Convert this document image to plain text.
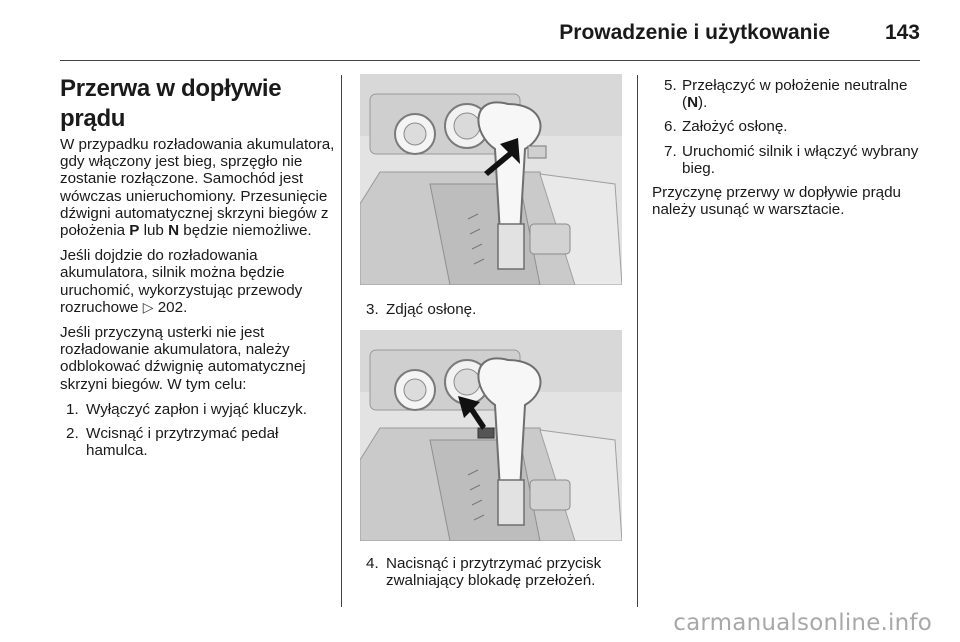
Prowadzenie i użytkowanie	143
Przerwa w dopływie prądu

W przypadku rozładowania akumulatora, gdy włączony jest bieg, sprzęgło nie zostanie rozłączone. Samochód jest wówczas unieruchomiony. Przesunięcie dźwigni automatycznej skrzyni biegów z położenia P lub N będzie niemożliwe.

Jeśli dojdzie do rozładowania akumulatora, silnik można będzie uruchomić, wykorzystując przewody rozruchowe ▷ 202.

Jeśli przyczyną usterki nie jest rozładowanie akumulatora, należy odblokować dźwignię automatycznej skrzyni biegów. W tym celu:

1. Wyłączyć zapłon i wyjąć kluczyk.
2. Wcisnąć i przytrzymać pedał hamulca.

3. Zdjąć osłonę.

4. Nacisnąć i przytrzymać przycisk zwalniający blokadę przełożeń.

5. Przełączyć w położenie neutralne (N).
6. Założyć osłonę.
7. Uruchomić silnik i włączyć wybrany bieg.

Przyczynę przerwy w dopływie prądu należy usunąć w warsztacie.

carmanualsonline.info
